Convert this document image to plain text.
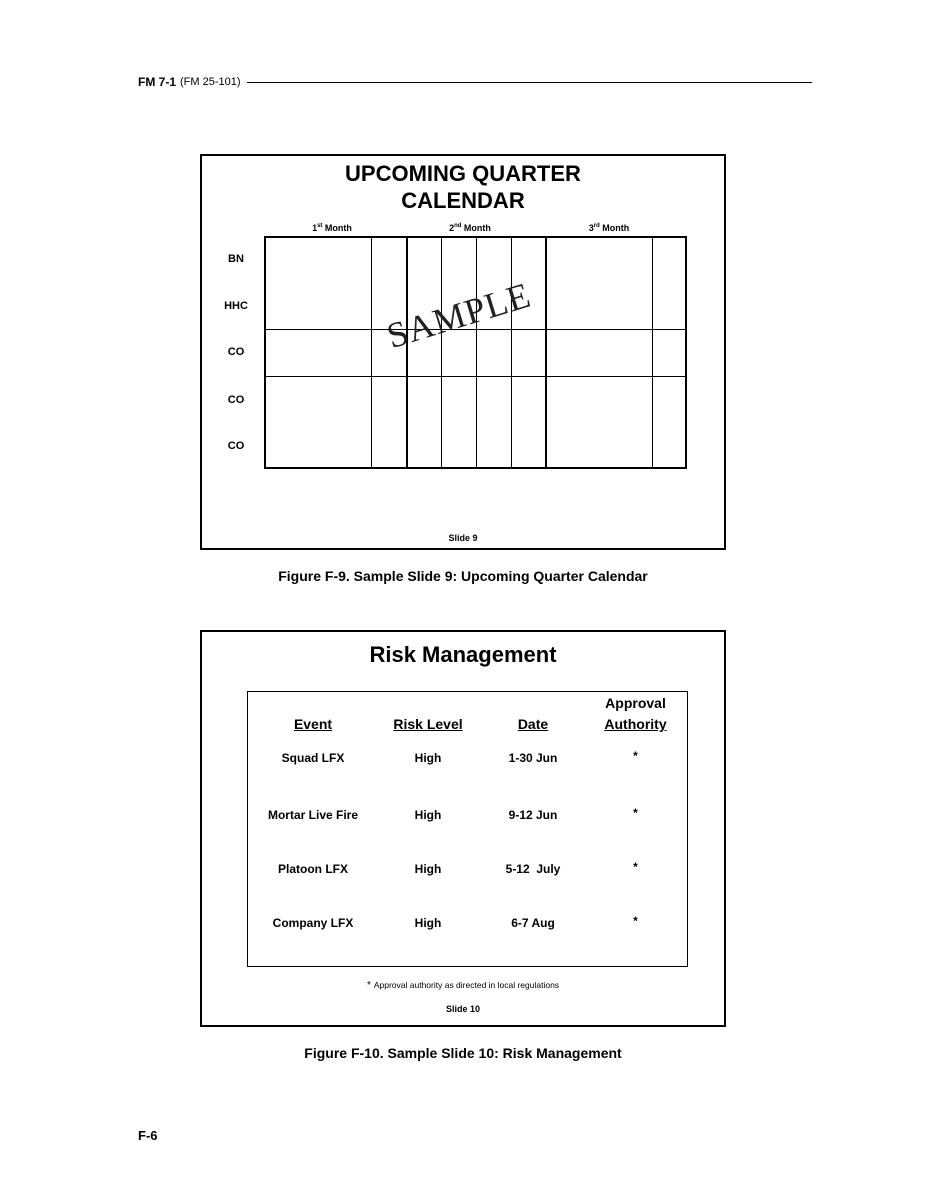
FM 7-1 (FM 25-101)
UPCOMING QUARTER
CALENDAR
1st Month	2nd Month	3rd Month
BN
HHC
CO
CO
CO
SAMPLE
Slide 9
Figure F-9. Sample Slide 9: Upcoming Quarter Calendar
Risk Management
Event	Risk Level	Date
Approval
Authority
Squad LFX	High	1-30 Jun	*
Mortar Live Fire	High	9-12 Jun	*
Platoon LFX	High	5-12  July	*
Company LFX	High	6-7 Aug	*
* Approval authority as directed in local regulations
Slide 10
Figure F-10. Sample Slide 10: Risk Management
F-6
